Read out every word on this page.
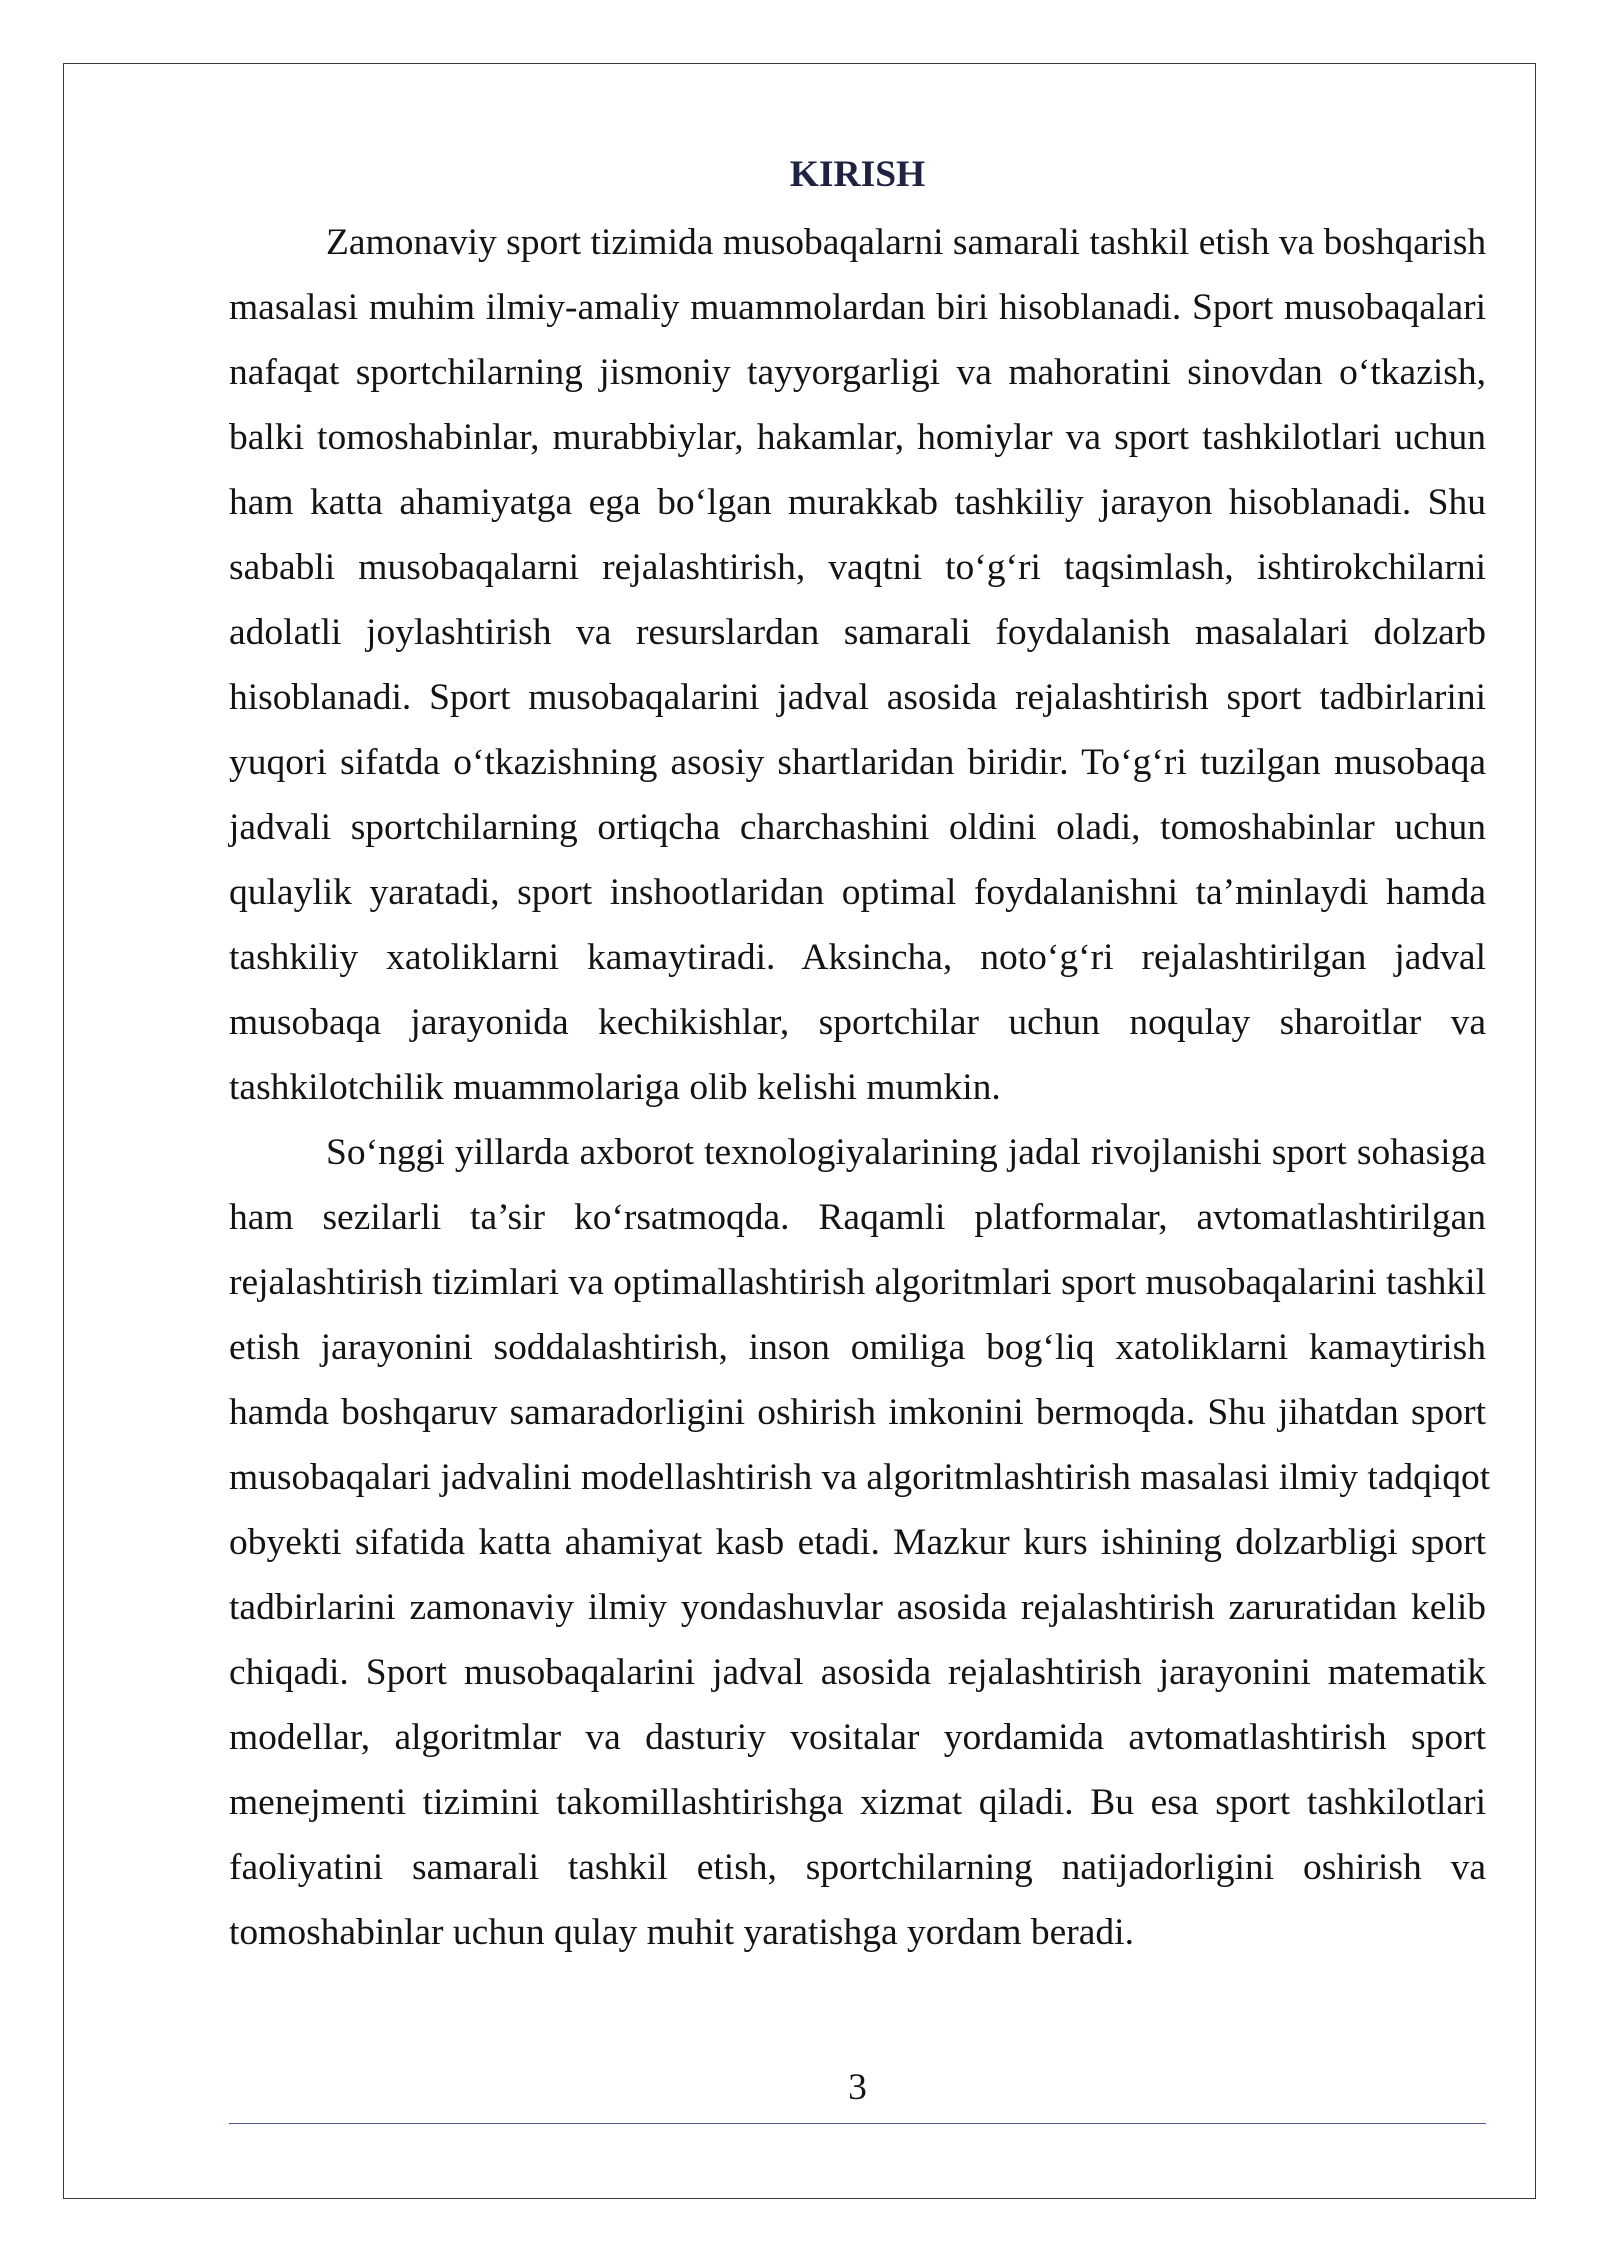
KIRISH
Zamonaviy sport tizimida musobaqalarni samarali tashkil etish va boshqarish
masalasi muhim ilmiy-amaliy muammolardan biri hisoblanadi. Sport musobaqalari
nafaqat sportchilarning jismoniy tayyorgarligi va mahoratini sinovdan o‘tkazish,
balki tomoshabinlar, murabbiylar, hakamlar, homiylar va sport tashkilotlari uchun
ham katta ahamiyatga ega bo‘lgan murakkab tashkiliy jarayon hisoblanadi. Shu
sababli musobaqalarni rejalashtirish, vaqtni to‘g‘ri taqsimlash, ishtirokchilarni
adolatli joylashtirish va resurslardan samarali foydalanish masalalari dolzarb
hisoblanadi. Sport musobaqalarini jadval asosida rejalashtirish sport tadbirlarini
yuqori sifatda o‘tkazishning asosiy shartlaridan biridir. To‘g‘ri tuzilgan musobaqa
jadvali sportchilarning ortiqcha charchashini oldini oladi, tomoshabinlar uchun
qulaylik yaratadi, sport inshootlaridan optimal foydalanishni ta’minlaydi hamda
tashkiliy xatoliklarni kamaytiradi. Aksincha, noto‘g‘ri rejalashtirilgan jadval
musobaqa jarayonida kechikishlar, sportchilar uchun noqulay sharoitlar va
tashkilotchilik muammolariga olib kelishi mumkin.
So‘nggi yillarda axborot texnologiyalarining jadal rivojlanishi sport sohasiga
ham sezilarli ta’sir ko‘rsatmoqda. Raqamli platformalar, avtomatlashtirilgan
rejalashtirish tizimlari va optimallashtirish algoritmlari sport musobaqalarini tashkil
etish jarayonini soddalashtirish, inson omiliga bog‘liq xatoliklarni kamaytirish
hamda boshqaruv samaradorligini oshirish imkonini bermoqda. Shu jihatdan sport
musobaqalari jadvalini modellashtirish va algoritmlashtirish masalasi ilmiy tadqiqot
obyekti sifatida katta ahamiyat kasb etadi. Mazkur kurs ishining dolzarbligi sport
tadbirlarini zamonaviy ilmiy yondashuvlar asosida rejalashtirish zaruratidan kelib
chiqadi. Sport musobaqalarini jadval asosida rejalashtirish jarayonini matematik
modellar, algoritmlar va dasturiy vositalar yordamida avtomatlashtirish sport
menejmenti tizimini takomillashtirishga xizmat qiladi. Bu esa sport tashkilotlari
faoliyatini samarali tashkil etish, sportchilarning natijadorligini oshirish va
tomoshabinlar uchun qulay muhit yaratishga yordam beradi.
3
